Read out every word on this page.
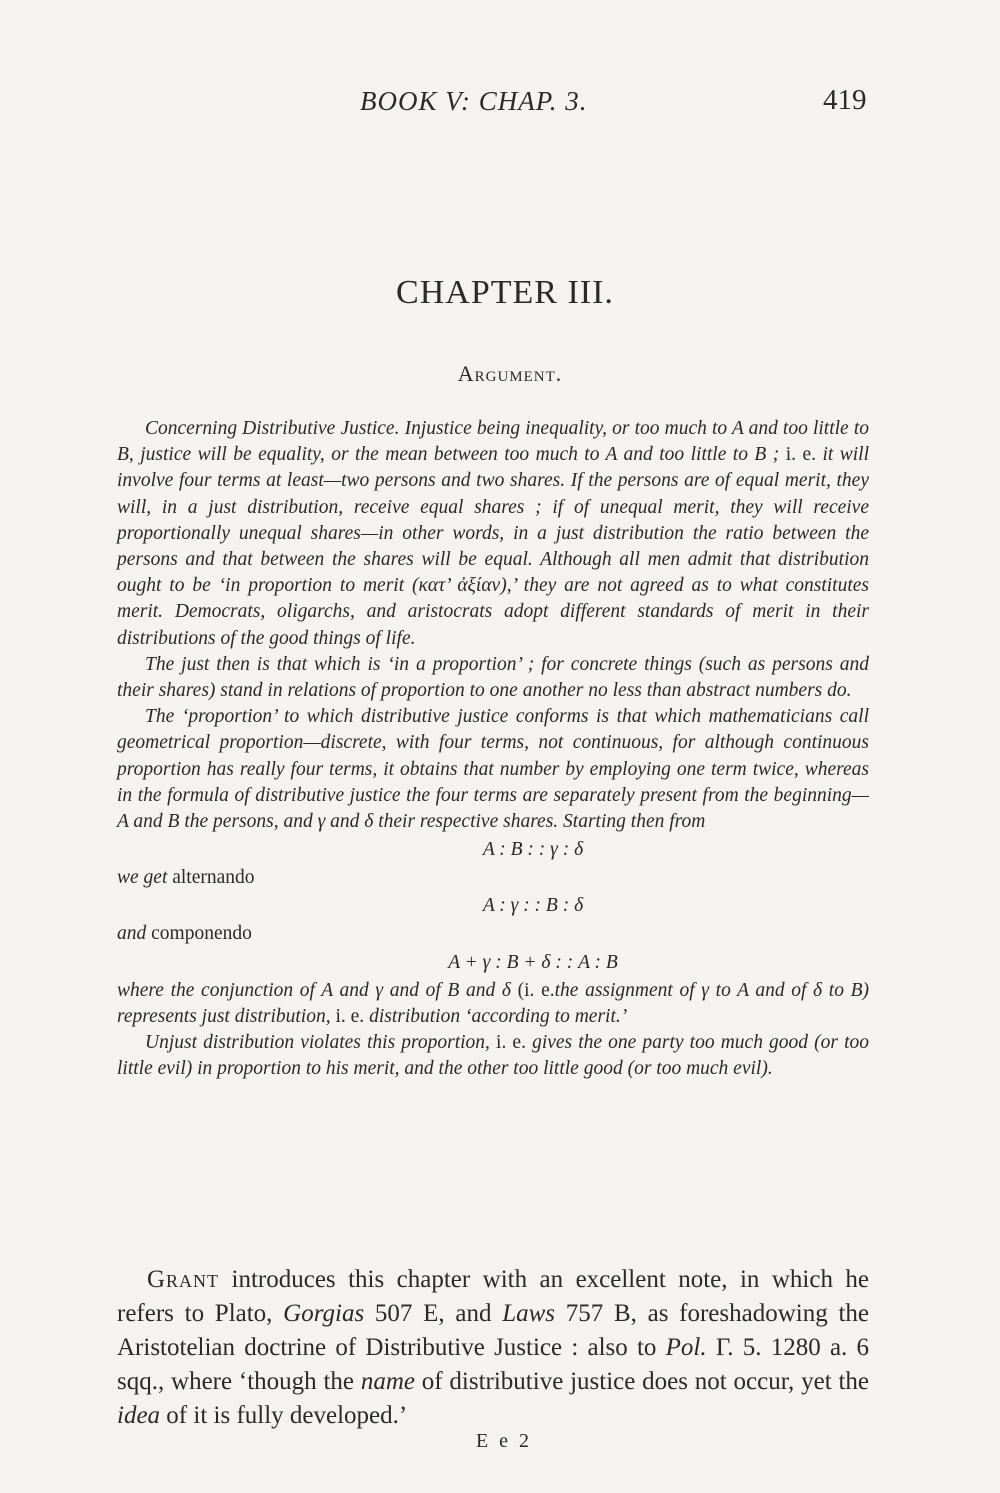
BOOK V: CHAP. 3.	419
CHAPTER III.
Argument.

Concerning Distributive Justice. Injustice being inequality, or too much to A and too little to B, justice will be equality, or the mean between too much to A and too little to B ; i. e. it will involve four terms at least—two persons and two shares. If the persons are of equal merit, they will, in a just distribution, receive equal shares ; if of unequal merit, they will receive proportionally unequal shares—in other words, in a just distribution the ratio between the persons and that between the shares will be equal. Although all men admit that distribution ought to be ‘in proportion to merit (κατ’ ἀξίαν),’ they are not agreed as to what constitutes merit. Democrats, oligarchs, and aristocrats adopt different standards of merit in their distributions of the good things of life.

The just then is that which is ‘in a proportion’ ; for concrete things (such as persons and their shares) stand in relations of proportion to one another no less than abstract numbers do.

The ‘proportion’ to which distributive justice conforms is that which mathematicians call geometrical proportion—discrete, with four terms, not continuous, for although continuous proportion has really four terms, it obtains that number by employing one term twice, whereas in the formula of distributive justice the four terms are separately present from the beginning—A and B the persons, and γ and δ their respective shares. Starting then from

A : B : : γ : δ

we get alternando

A : γ : : B : δ

and componendo

A + γ : B + δ : : A : B

where the conjunction of A and γ and of B and δ (i. e.the assignment of γ to A and of δ to B) represents just distribution, i. e. distribution ‘according to merit.’

Unjust distribution violates this proportion, i. e. gives the one party too much good (or too little evil) in proportion to his merit, and the other too little good (or too much evil).

Grant introduces this chapter with an excellent note, in which he refers to Plato, Gorgias 507 E, and Laws 757 B, as foreshadowing the Aristotelian doctrine of Distributive Justice : also to Pol. Γ. 5. 1280 a. 6 sqq., where ‘though the name of distributive justice does not occur, yet the idea of it is fully developed.’

E e 2
